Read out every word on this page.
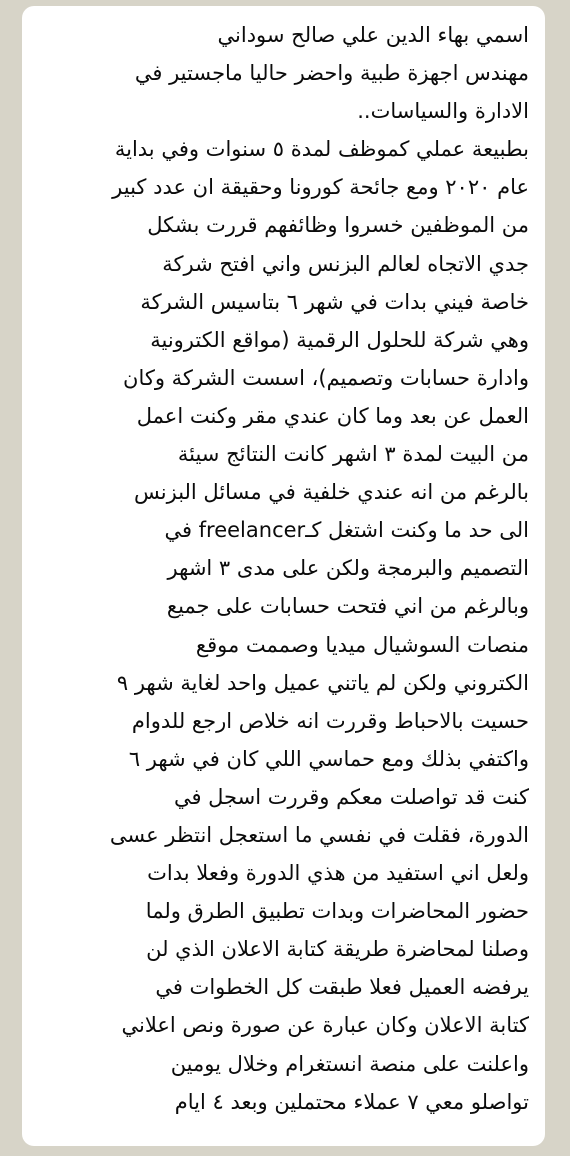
اسمي بهاء الدين علي صالح سوداني
مهندس اجهزة طبية واحضر حاليا ماجستير في
الادارة والسياسات..
بطبيعة عملي كموظف لمدة ٥ سنوات وفي بداية
عام ٢٠٢٠ ومع جائحة كورونا وحقيقة ان عدد كبير
من الموظفين خسروا وظائفهم قررت بشكل
جدي الاتجاه لعالم البزنس واني افتح شركة
خاصة فيني بدات في شهر ٦ بتاسيس الشركة
وهي شركة للحلول الرقمية (مواقع الكترونية
وادارة حسابات وتصميم)، اسست الشركة وكان
العمل عن بعد وما كان عندي مقر وكنت اعمل
من البيت لمدة ٣ اشهر كانت النتائج سيئة
بالرغم من انه عندي خلفية في مسائل البزنس
الى حد ما وكنت اشتغل كـfreelancer في
التصميم والبرمجة ولكن على مدى ٣ اشهر
وبالرغم من اني فتحت حسابات على جميع
منصات السوشيال ميديا وصممت موقع
الكتروني ولكن لم ياتني عميل واحد لغاية شهر ٩
حسيت بالاحباط وقررت انه خلاص ارجع للدوام
واكتفي بذلك ومع حماسي اللي كان في شهر ٦
كنت قد تواصلت معكم وقررت اسجل في
الدورة، فقلت في نفسي ما استعجل انتظر عسى
ولعل اني استفيد من هذي الدورة وفعلا بدات
حضور المحاضرات وبدات تطبيق الطرق ولما
وصلنا لمحاضرة طريقة كتابة الاعلان الذي لن
يرفضه العميل فعلا طبقت كل الخطوات في
كتابة الاعلان وكان عبارة عن صورة ونص اعلاني
واعلنت على منصة انستغرام وخلال يومين
تواصلو معي ٧ عملاء محتملين وبعد ٤ ايام
